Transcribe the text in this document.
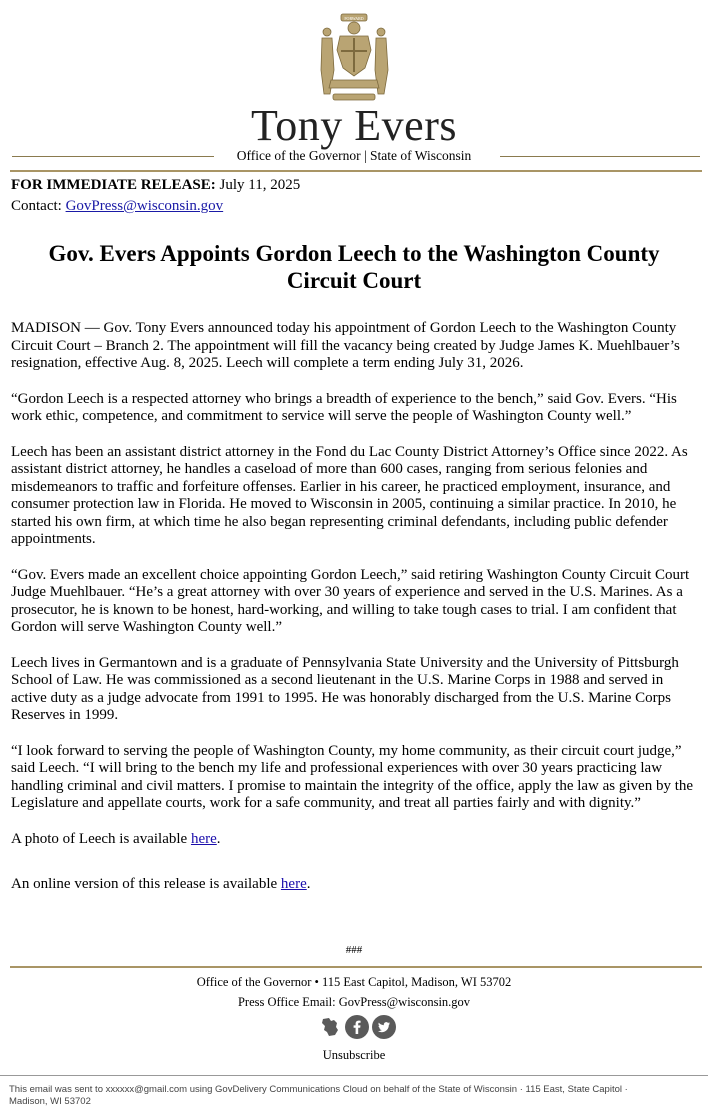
FORWARD
Tony Evers
Office of the Governor | State of Wisconsin
FOR IMMEDIATE RELEASE: July 11, 2025
Contact: GovPress@wisconsin.gov
Gov. Evers Appoints Gordon Leech to the Washington County Circuit Court

MADISON — Gov. Tony Evers announced today his appointment of Gordon Leech to the Washington County Circuit Court – Branch 2. The appointment will fill the vacancy being created by Judge James K. Muehlbauer’s resignation, effective Aug. 8, 2025. Leech will complete a term ending July 31, 2026.

“Gordon Leech is a respected attorney who brings a breadth of experience to the bench,” said Gov. Evers. “His work ethic, competence, and commitment to service will serve the people of Washington County well.”

Leech has been an assistant district attorney in the Fond du Lac County District Attorney’s Office since 2022. As assistant district attorney, he handles a caseload of more than 600 cases, ranging from serious felonies and misdemeanors to traffic and forfeiture offenses. Earlier in his career, he practiced employment, insurance, and consumer protection law in Florida. He moved to Wisconsin in 2005, continuing a similar practice. In 2010, he started his own firm, at which time he also began representing criminal defendants, including public defender appointments.

“Gov. Evers made an excellent choice appointing Gordon Leech,” said retiring Washington County Circuit Court Judge Muehlbauer. “He’s a great attorney with over 30 years of experience and served in the U.S. Marines. As a prosecutor, he is known to be honest, hard-working, and willing to take tough cases to trial. I am confident that Gordon will serve Washington County well.”

Leech lives in Germantown and is a graduate of Pennsylvania State University and the University of Pittsburgh School of Law. He was commissioned as a second lieutenant in the U.S. Marine Corps in 1988 and served in active duty as a judge advocate from 1991 to 1995. He was honorably discharged from the U.S. Marine Corps Reserves in 1999.

“I look forward to serving the people of Washington County, my home community, as their circuit court judge,” said Leech. “I will bring to the bench my life and professional experiences with over 30 years practicing law handling criminal and civil matters. I promise to maintain the integrity of the office, apply the law as given by the Legislature and appellate courts, work for a safe community, and treat all parties fairly and with dignity.”

A photo of Leech is available here.

An online version of this release is available here.

###
Office of the Governor • 115 East Capitol, Madison, WI 53702
Press Office Email: GovPress@wisconsin.gov
Unsubscribe
This email was sent to xxxxxx@gmail.com using GovDelivery Communications Cloud on behalf of the State of Wisconsin · 115 East, State Capitol · Madison, WI 53702
